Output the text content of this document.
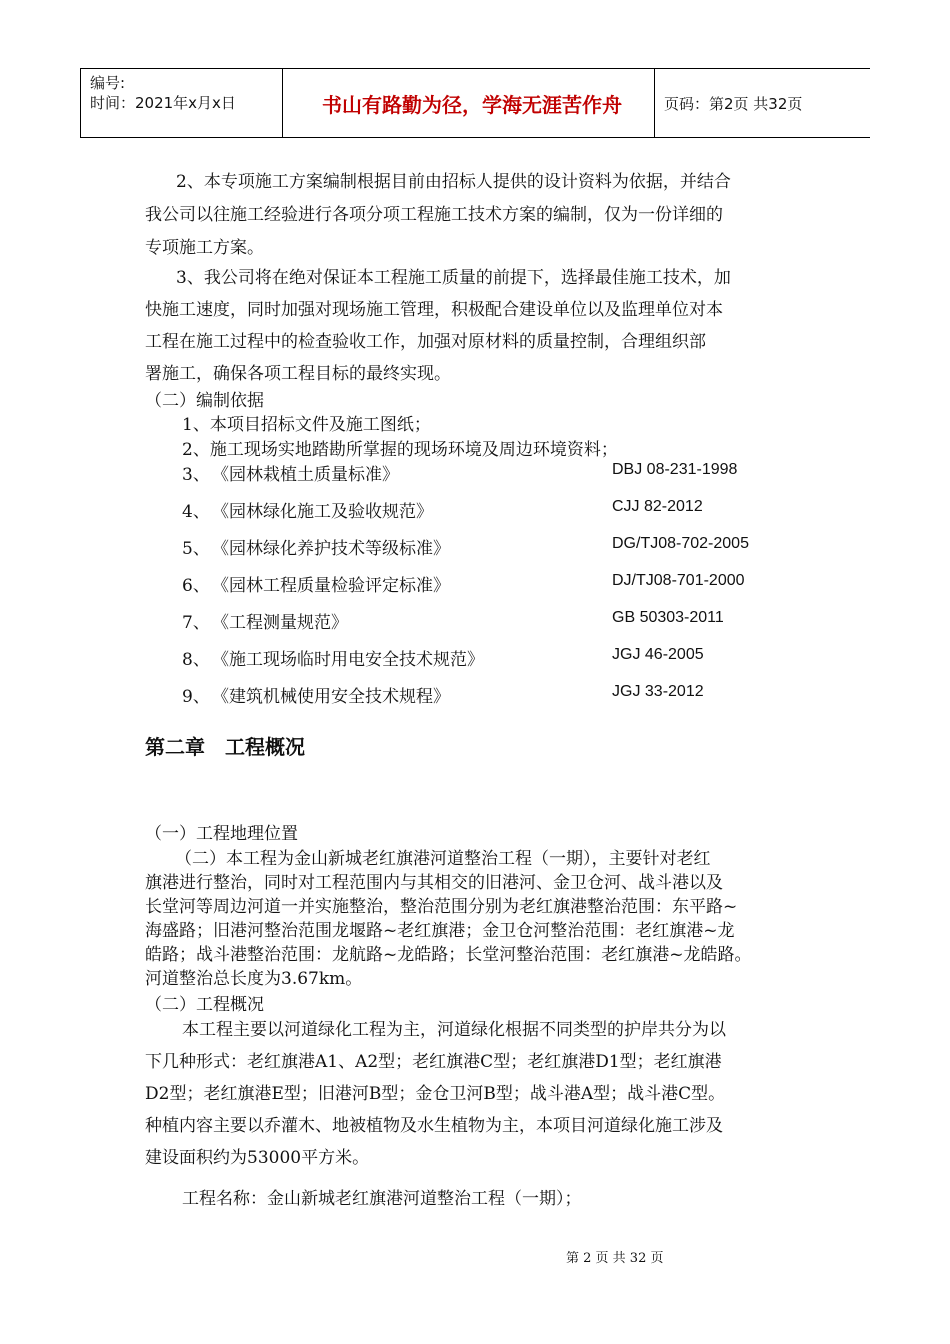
编号:
时间：2021年x月x日	书山有路勤为径，学海无涯苦作舟	页码：第2页 共32页
2、本专项施工方案编制根据目前由招标人提供的设计资料为依据，并结合
我公司以往施工经验进行各项分项工程施工技术方案的编制，仅为一份详细的
专项施工方案。
3、我公司将在绝对保证本工程施工质量的前提下，选择最佳施工技术，加
快施工速度，同时加强对现场施工管理，积极配合建设单位以及监理单位对本
工程在施工过程中的检查验收工作，加强对原材料的质量控制，合理组织部
署施工，确保各项工程目标的最终实现。
（二）编制依据
1、本项目招标文件及施工图纸；
2、施工现场实地踏勘所掌握的现场环境及周边环境资料；
3、 《园林栽植土质量标准》	DBJ 08-231-1998
4、 《园林绿化施工及验收规范》	CJJ 82-2012
5、 《园林绿化养护技术等级标准》	DG/TJ08-702-2005
6、 《园林工程质量检验评定标准》	DJ/TJ08-701-2000
7、 《工程测量规范》	GB 50303-2011
8、 《施工现场临时用电安全技术规范》	JGJ 46-2005
9、 《建筑机械使用安全技术规程》	JGJ 33-2012
第二章　工程概况
（一）工程地理位置
（二）本工程为金山新城老红旗港河道整治工程（一期），主要针对老红
旗港进行整治，同时对工程范围内与其相交的旧港河、金卫仓河、战斗港以及
长堂河等周边河道一并实施整治，整治范围分别为老红旗港整治范围：东平路~
海盛路；旧港河整治范围龙堰路~老红旗港；金卫仓河整治范围：老红旗港~龙
皓路；战斗港整治范围：龙航路~龙皓路；长堂河整治范围：老红旗港~龙皓路。
河道整治总长度为3.67km。
（二）工程概况
本工程主要以河道绿化工程为主，河道绿化根据不同类型的护岸共分为以
下几种形式：老红旗港A1、A2型；老红旗港C型；老红旗港D1型；老红旗港
D2型；老红旗港E型；旧港河B型；金仓卫河B型；战斗港A型；战斗港C型。
种植内容主要以乔灌木、地被植物及水生植物为主，本项目河道绿化施工涉及
建设面积约为53000平方米。
工程名称：金山新城老红旗港河道整治工程（一期）；
第 2 页 共 32 页
